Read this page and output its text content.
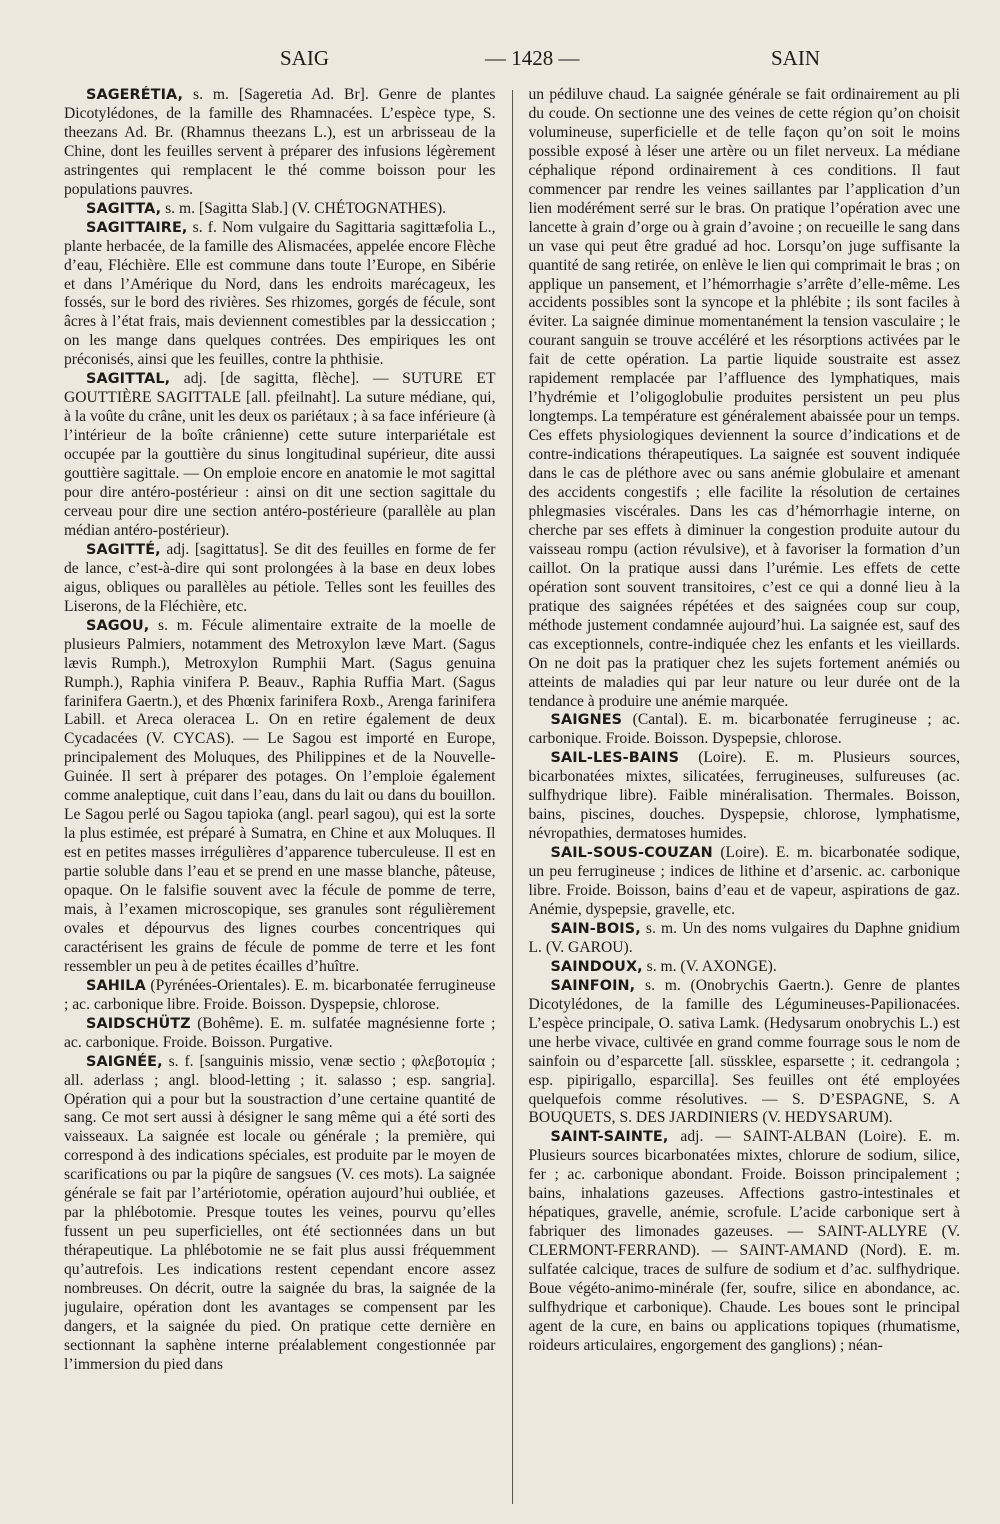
SAIG	— 1428 —	SAIN

SAGERÉTIA, s. m. [Sageretia Ad. Br]. Genre de plantes Dicotylédones, de la famille des Rhamnacées. L’espèce type, S. theezans Ad. Br. (Rhamnus theezans L.), est un arbrisseau de la Chine, dont les feuilles servent à préparer des infusions légèrement astringentes qui remplacent le thé comme boisson pour les populations pauvres.

SAGITTA, s. m. [Sagitta Slab.] (V. CHÉTOGNATHES).

SAGITTAIRE, s. f. Nom vulgaire du Sagittaria sagittæfolia L., plante herbacée, de la famille des Alismacées, appelée encore Flèche d’eau, Fléchière. Elle est commune dans toute l’Europe, en Sibérie et dans l’Amérique du Nord, dans les endroits marécageux, les fossés, sur le bord des rivières. Ses rhizomes, gorgés de fécule, sont âcres à l’état frais, mais deviennent comestibles par la dessiccation ; on les mange dans quelques contrées. Des empiriques les ont préconisés, ainsi que les feuilles, contre la phthisie.

SAGITTAL, adj. [de sagitta, flèche]. — SUTURE ET GOUTTIÈRE SAGITTALE [all. pfeilnaht]. La suture médiane, qui, à la voûte du crâne, unit les deux os pariétaux ; à sa face inférieure (à l’intérieur de la boîte crânienne) cette suture interpariétale est occupée par la gouttière du sinus longitudinal supérieur, dite aussi gouttière sagittale. — On emploie encore en anatomie le mot sagittal pour dire antéro-postérieur : ainsi on dit une section sagittale du cerveau pour dire une section antéro-postérieure (parallèle au plan médian antéro-postérieur).

SAGITTÉ, adj. [sagittatus]. Se dit des feuilles en forme de fer de lance, c’est-à-dire qui sont prolongées à la base en deux lobes aigus, obliques ou parallèles au pétiole. Telles sont les feuilles des Liserons, de la Fléchière, etc.

SAGOU, s. m. Fécule alimentaire extraite de la moelle de plusieurs Palmiers, notamment des Metroxylon læve Mart. (Sagus lævis Rumph.), Metroxylon Rumphii Mart. (Sagus genuina Rumph.), Raphia vinifera P. Beauv., Raphia Ruffia Mart. (Sagus farinifera Gaertn.), et des Phœnix farinifera Roxb., Arenga farinifera Labill. et Areca oleracea L. On en retire également de deux Cycadacées (V. CYCAS). — Le Sagou est importé en Europe, principalement des Moluques, des Philippines et de la Nouvelle-Guinée. Il sert à préparer des potages. On l’emploie également comme analeptique, cuit dans l’eau, dans du lait ou dans du bouillon. Le Sagou perlé ou Sagou tapioka (angl. pearl sagou), qui est la sorte la plus estimée, est préparé à Sumatra, en Chine et aux Moluques. Il est en petites masses irrégulières d’apparence tuberculeuse. Il est en partie soluble dans l’eau et se prend en une masse blanche, pâteuse, opaque. On le falsifie souvent avec la fécule de pomme de terre, mais, à l’examen microscopique, ses granules sont régulièrement ovales et dépourvus des lignes courbes concentriques qui caractérisent les grains de fécule de pomme de terre et les font ressembler un peu à de petites écailles d’huître.

SAHILA (Pyrénées-Orientales). E. m. bicarbonatée ferrugineuse ; ac. carbonique libre. Froide. Boisson. Dyspepsie, chlorose.

SAIDSCHÜTZ (Bohême). E. m. sulfatée magnésienne forte ; ac. carbonique. Froide. Boisson. Purgative.

SAIGNÉE, s. f. [sanguinis missio, venæ sectio ; φλεβοτομία ; all. aderlass ; angl. blood-letting ; it. salasso ; esp. sangria]. Opération qui a pour but la soustraction d’une certaine quantité de sang. Ce mot sert aussi à désigner le sang même qui a été sorti des vaisseaux. La saignée est locale ou générale ; la première, qui correspond à des indications spéciales, est produite par le moyen de scarifications ou par la piqûre de sangsues (V. ces mots). La saignée générale se fait par l’artériotomie, opération aujourd’hui oubliée, et par la phlébotomie. Presque toutes les veines, pourvu qu’elles fussent un peu superficielles, ont été sectionnées dans un but thérapeutique. La phlébotomie ne se fait plus aussi fréquemment qu’autrefois. Les indications restent cependant encore assez nombreuses. On décrit, outre la saignée du bras, la saignée de la jugulaire, opération dont les avantages se compensent par les dangers, et la saignée du pied. On pratique cette dernière en sectionnant la saphène interne préalablement congestionnée par l’immersion du pied dans

un pédiluve chaud. La saignée générale se fait ordinairement au pli du coude. On sectionne une des veines de cette région qu’on choisit volumineuse, superficielle et de telle façon qu’on soit le moins possible exposé à léser une artère ou un filet nerveux. La médiane céphalique répond ordinairement à ces conditions. Il faut commencer par rendre les veines saillantes par l’application d’un lien modérément serré sur le bras. On pratique l’opération avec une lancette à grain d’orge ou à grain d’avoine ; on recueille le sang dans un vase qui peut être gradué ad hoc. Lorsqu’on juge suffisante la quantité de sang retirée, on enlève le lien qui comprimait le bras ; on applique un pansement, et l’hémorrhagie s’arrête d’elle-même. Les accidents possibles sont la syncope et la phlébite ; ils sont faciles à éviter. La saignée diminue momentanément la tension vasculaire ; le courant sanguin se trouve accéléré et les résorptions activées par le fait de cette opération. La partie liquide soustraite est assez rapidement remplacée par l’affluence des lymphatiques, mais l’hydrémie et l’oligoglobulie produites persistent un peu plus longtemps. La température est généralement abaissée pour un temps. Ces effets physiologiques deviennent la source d’indications et de contre-indications thérapeutiques. La saignée est souvent indiquée dans le cas de pléthore avec ou sans anémie globulaire et amenant des accidents congestifs ; elle facilite la résolution de certaines phlegmasies viscérales. Dans les cas d’hémorrhagie interne, on cherche par ses effets à diminuer la congestion produite autour du vaisseau rompu (action révulsive), et à favoriser la formation d’un caillot. On la pratique aussi dans l’urémie. Les effets de cette opération sont souvent transitoires, c’est ce qui a donné lieu à la pratique des saignées répétées et des saignées coup sur coup, méthode justement condamnée aujourd’hui. La saignée est, sauf des cas exceptionnels, contre-indiquée chez les enfants et les vieillards. On ne doit pas la pratiquer chez les sujets fortement anémiés ou atteints de maladies qui par leur nature ou leur durée ont de la tendance à produire une anémie marquée.

SAIGNES (Cantal). E. m. bicarbonatée ferrugineuse ; ac. carbonique. Froide. Boisson. Dyspepsie, chlorose.

SAIL-LES-BAINS (Loire). E. m. Plusieurs sources, bicarbonatées mixtes, silicatées, ferrugineuses, sulfureuses (ac. sulfhydrique libre). Faible minéralisation. Thermales. Boisson, bains, piscines, douches. Dyspepsie, chlorose, lymphatisme, névropathies, dermatoses humides.

SAIL-SOUS-COUZAN (Loire). E. m. bicarbonatée sodique, un peu ferrugineuse ; indices de lithine et d’arsenic. ac. carbonique libre. Froide. Boisson, bains d’eau et de vapeur, aspirations de gaz. Anémie, dyspepsie, gravelle, etc.

SAIN-BOIS, s. m. Un des noms vulgaires du Daphne gnidium L. (V. GAROU).

SAINDOUX, s. m. (V. AXONGE).

SAINFOIN, s. m. (Onobrychis Gaertn.). Genre de plantes Dicotylédones, de la famille des Légumineuses-Papilionacées. L’espèce principale, O. sativa Lamk. (Hedysarum onobrychis L.) est une herbe vivace, cultivée en grand comme fourrage sous le nom de sainfoin ou d’esparcette [all. süssklee, esparsette ; it. cedrangola ; esp. pipirigallo, esparcilla]. Ses feuilles ont été employées quelquefois comme résolutives. — S. D’ESPAGNE, S. A BOUQUETS, S. DES JARDINIERS (V. HEDYSARUM).

SAINT-SAINTE, adj. — SAINT-ALBAN (Loire). E. m. Plusieurs sources bicarbonatées mixtes, chlorure de sodium, silice, fer ; ac. carbonique abondant. Froide. Boisson principalement ; bains, inhalations gazeuses. Affections gastro-intestinales et hépatiques, gravelle, anémie, scrofule. L’acide carbonique sert à fabriquer des limonades gazeuses. — SAINT-ALLYRE (V. CLERMONT-FERRAND). — SAINT-AMAND (Nord). E. m. sulfatée calcique, traces de sulfure de sodium et d’ac. sulfhydrique. Boue végéto-animo-minérale (fer, soufre, silice en abondance, ac. sulfhydrique et carbonique). Chaude. Les boues sont le principal agent de la cure, en bains ou applications topiques (rhumatisme, roideurs articulaires, engorgement des ganglions) ; néan-
